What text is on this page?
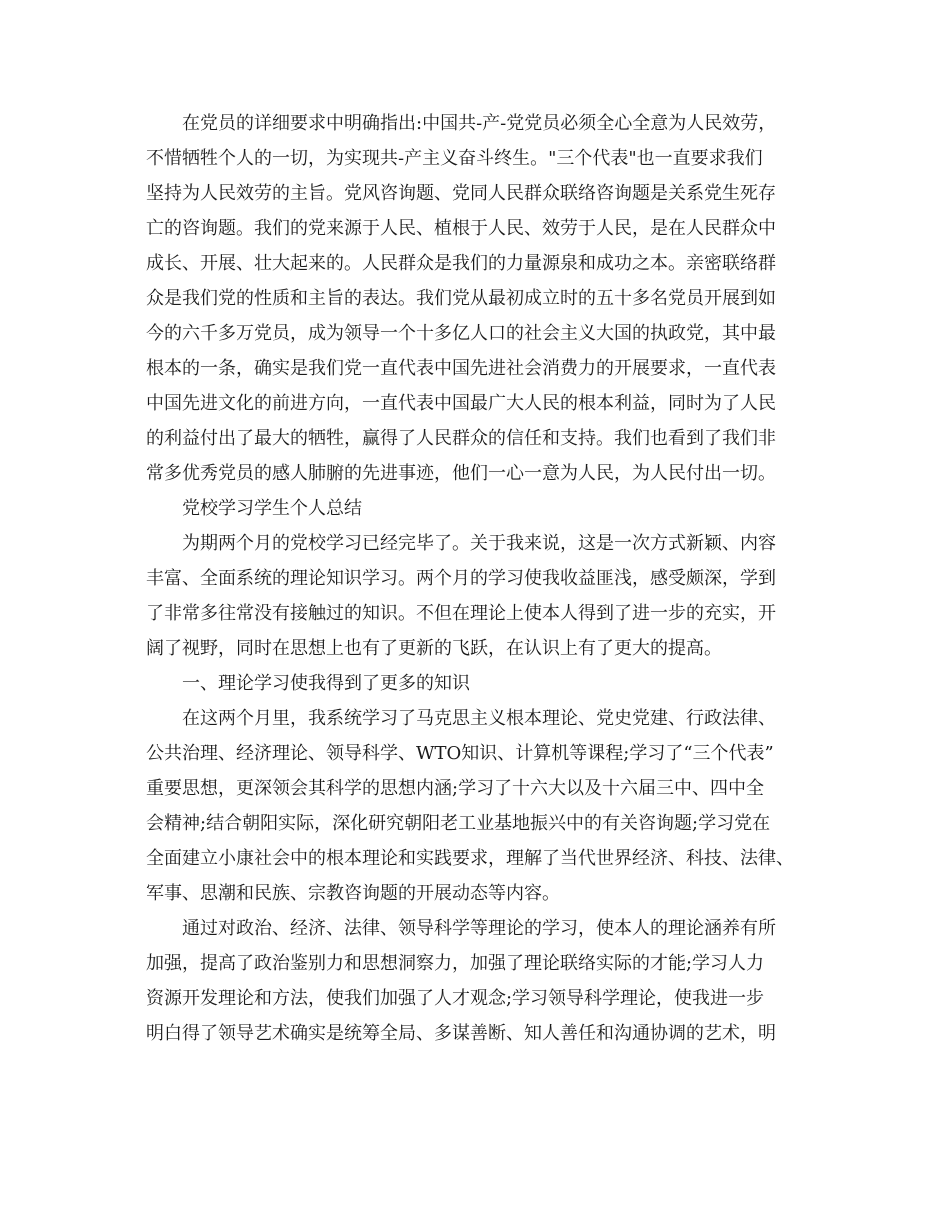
在党员的详细要求中明确指出:中国共-产-党党员必须全心全意为人民效劳，
不惜牺牲个人的一切，为实现共-产主义奋斗终生。"三个代表"也一直要求我们
坚持为人民效劳的主旨。党风咨询题、党同人民群众联络咨询题是关系党生死存
亡的咨询题。我们的党来源于人民、植根于人民、效劳于人民，是在人民群众中
成长、开展、壮大起来的。人民群众是我们的力量源泉和成功之本。亲密联络群
众是我们党的性质和主旨的表达。我们党从最初成立时的五十多名党员开展到如
今的六千多万党员，成为领导一个十多亿人口的社会主义大国的执政党，其中最
根本的一条，确实是我们党一直代表中国先进社会消费力的开展要求，一直代表
中国先进文化的前进方向，一直代表中国最广大人民的根本利益，同时为了人民
的利益付出了最大的牺牲，赢得了人民群众的信任和支持。我们也看到了我们非
常多优秀党员的感人肺腑的先进事迹，他们一心一意为人民，为人民付出一切。
党校学习学生个人总结
为期两个月的党校学习已经完毕了。关于我来说，这是一次方式新颖、内容
丰富、全面系统的理论知识学习。两个月的学习使我收益匪浅，感受颇深，学到
了非常多往常没有接触过的知识。不但在理论上使本人得到了进一步的充实，开
阔了视野，同时在思想上也有了更新的飞跃，在认识上有了更大的提高。
一、理论学习使我得到了更多的知识
在这两个月里，我系统学习了马克思主义根本理论、党史党建、行政法律、
公共治理、经济理论、领导科学、WTO知识、计算机等课程;学习了“三个代表”
重要思想，更深领会其科学的思想内涵;学习了十六大以及十六届三中、四中全
会精神;结合朝阳实际，深化研究朝阳老工业基地振兴中的有关咨询题;学习党在
全面建立小康社会中的根本理论和实践要求，理解了当代世界经济、科技、法律、
军事、思潮和民族、宗教咨询题的开展动态等内容。
通过对政治、经济、法律、领导科学等理论的学习，使本人的理论涵养有所
加强，提高了政治鉴别力和思想洞察力，加强了理论联络实际的才能;学习人力
资源开发理论和方法，使我们加强了人才观念;学习领导科学理论，使我进一步
明白得了领导艺术确实是统筹全局、多谋善断、知人善任和沟通协调的艺术，明
